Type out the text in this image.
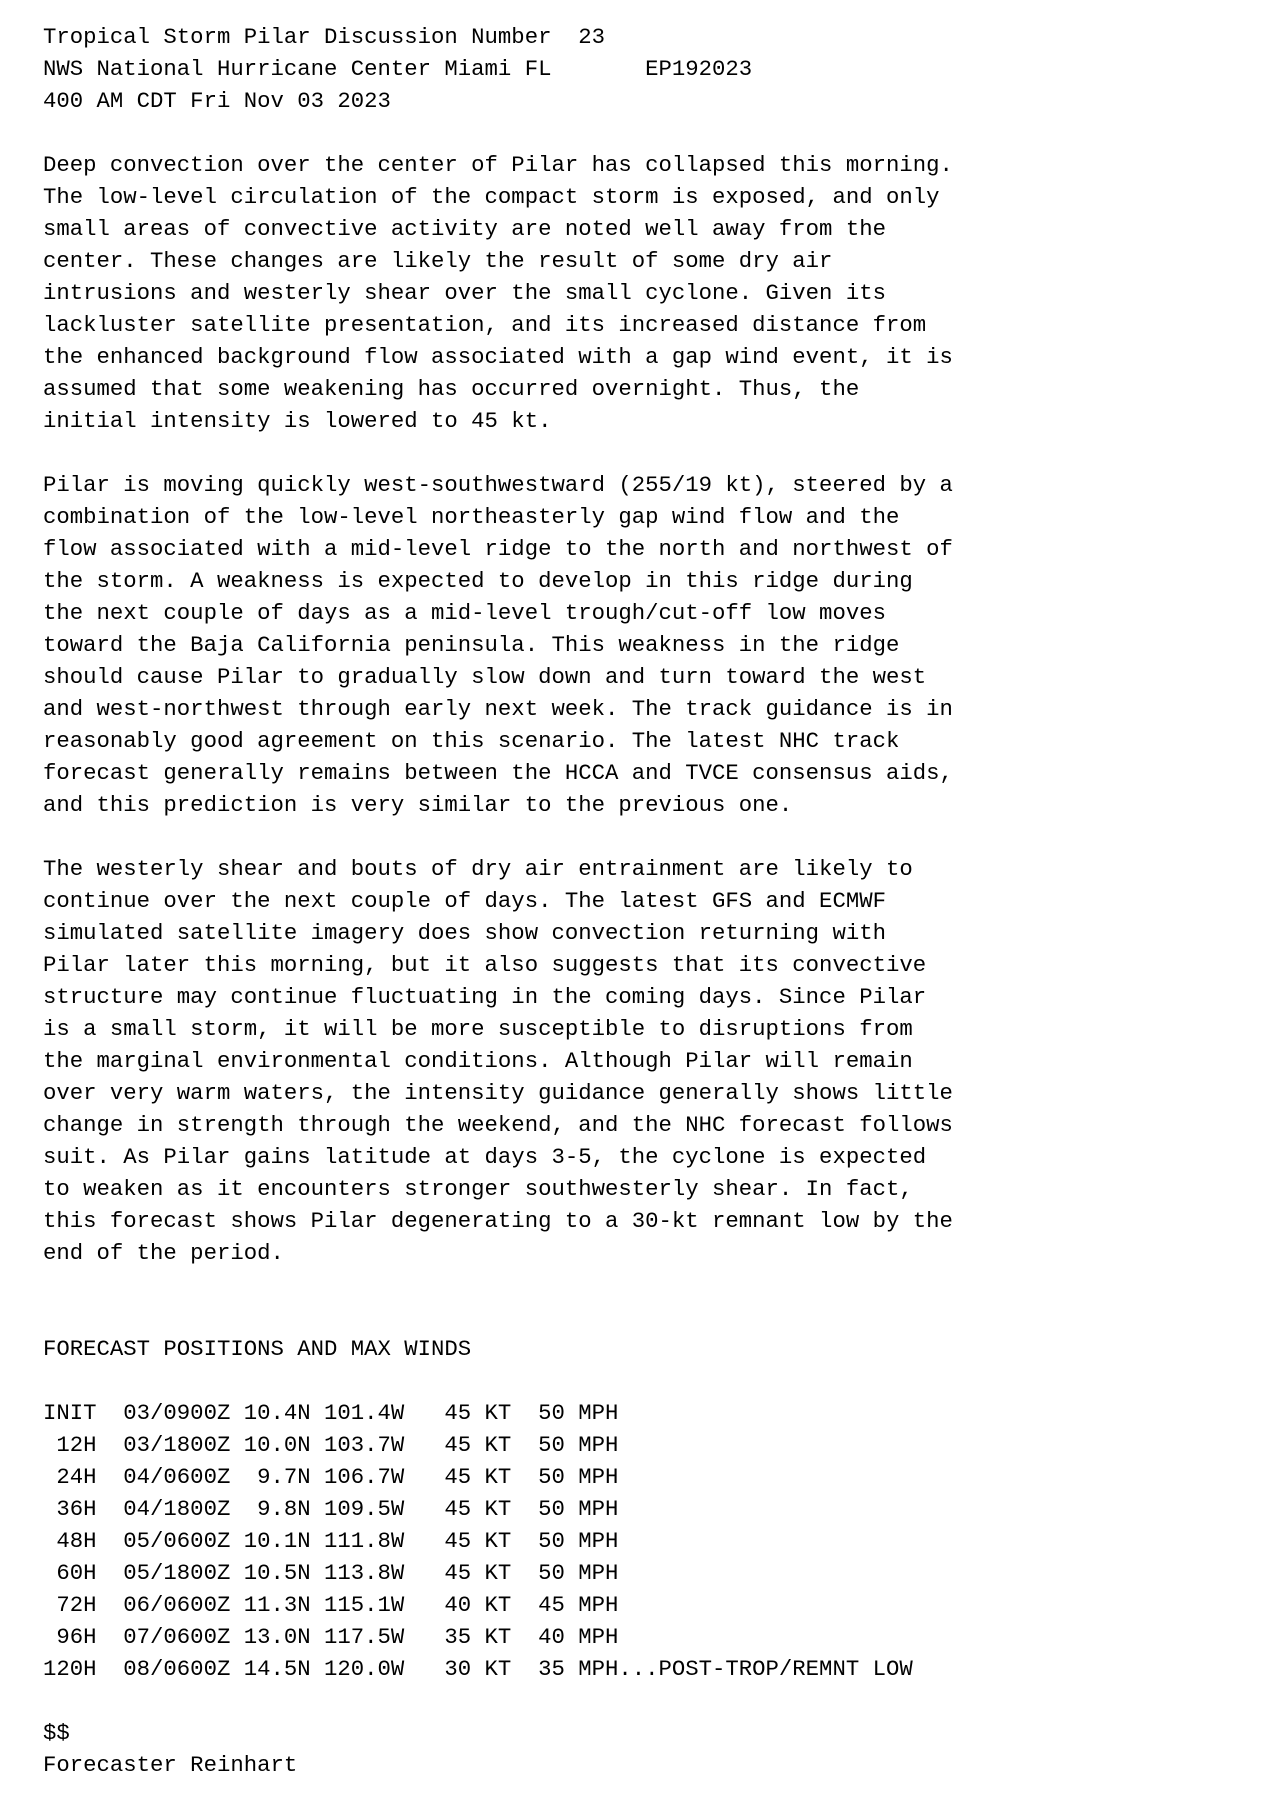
Tropical Storm Pilar Discussion Number  23
NWS National Hurricane Center Miami FL       EP192023
400 AM CDT Fri Nov 03 2023
Deep convection over the center of Pilar has collapsed this morning.
The low-level circulation of the compact storm is exposed, and only
small areas of convective activity are noted well away from the
center. These changes are likely the result of some dry air
intrusions and westerly shear over the small cyclone. Given its
lackluster satellite presentation, and its increased distance from
the enhanced background flow associated with a gap wind event, it is
assumed that some weakening has occurred overnight. Thus, the
initial intensity is lowered to 45 kt.
Pilar is moving quickly west-southwestward (255/19 kt), steered by a
combination of the low-level northeasterly gap wind flow and the
flow associated with a mid-level ridge to the north and northwest of
the storm. A weakness is expected to develop in this ridge during
the next couple of days as a mid-level trough/cut-off low moves
toward the Baja California peninsula. This weakness in the ridge
should cause Pilar to gradually slow down and turn toward the west
and west-northwest through early next week. The track guidance is in
reasonably good agreement on this scenario. The latest NHC track
forecast generally remains between the HCCA and TVCE consensus aids,
and this prediction is very similar to the previous one.
The westerly shear and bouts of dry air entrainment are likely to
continue over the next couple of days. The latest GFS and ECMWF
simulated satellite imagery does show convection returning with
Pilar later this morning, but it also suggests that its convective
structure may continue fluctuating in the coming days. Since Pilar
is a small storm, it will be more susceptible to disruptions from
the marginal environmental conditions. Although Pilar will remain
over very warm waters, the intensity guidance generally shows little
change in strength through the weekend, and the NHC forecast follows
suit. As Pilar gains latitude at days 3-5, the cyclone is expected
to weaken as it encounters stronger southwesterly shear. In fact,
this forecast shows Pilar degenerating to a 30-kt remnant low by the
end of the period.
FORECAST POSITIONS AND MAX WINDS
INIT  03/0900Z 10.4N 101.4W   45 KT  50 MPH
12H  03/1800Z 10.0N 103.7W   45 KT  50 MPH
24H  04/0600Z  9.7N 106.7W   45 KT  50 MPH
36H  04/1800Z  9.8N 109.5W   45 KT  50 MPH
48H  05/0600Z 10.1N 111.8W   45 KT  50 MPH
60H  05/1800Z 10.5N 113.8W   45 KT  50 MPH
72H  06/0600Z 11.3N 115.1W   40 KT  45 MPH
96H  07/0600Z 13.0N 117.5W   35 KT  40 MPH
120H  08/0600Z 14.5N 120.0W   30 KT  35 MPH...POST-TROP/REMNT LOW
$$
Forecaster Reinhart
